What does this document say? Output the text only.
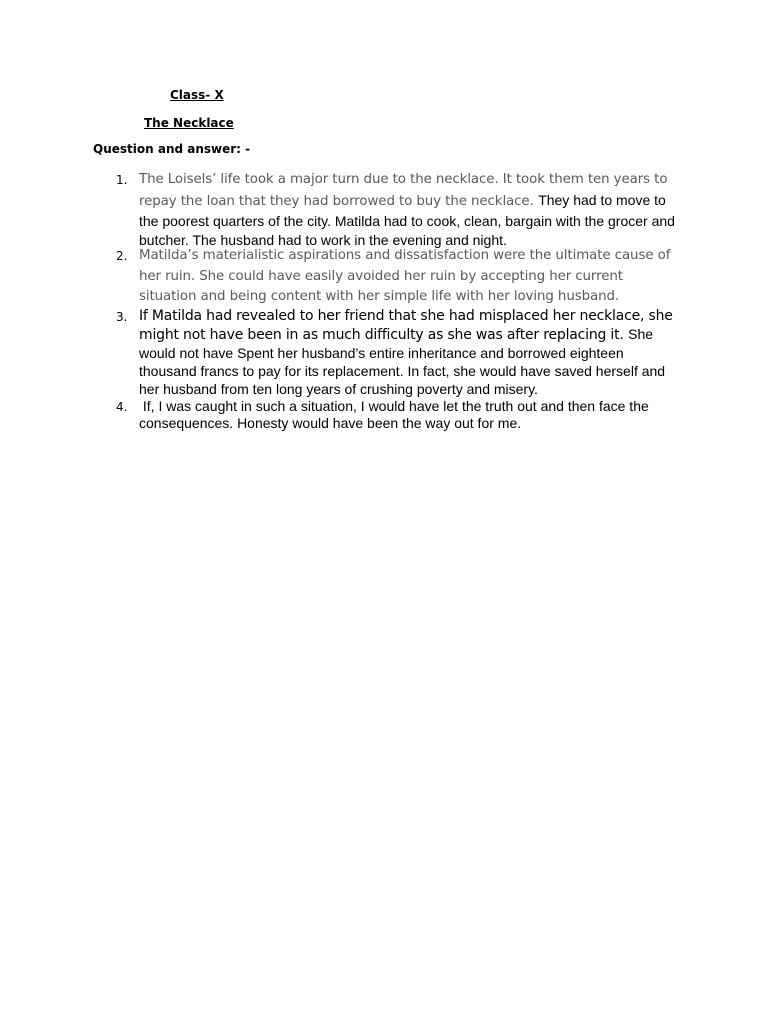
Class- X
The Necklace
Question and answer: -
1. The Loisels’ life took a major turn due to the necklace. It took them ten years to repay the loan that they had borrowed to buy the necklace. They had to move to the poorest quarters of the city. Matilda had to cook, clean, bargain with the grocer and butcher. The husband had to work in the evening and night.
2. Matilda’s materialistic aspirations and dissatisfaction were the ultimate cause of her ruin. She could have easily avoided her ruin by accepting her current situation and being content with her simple life with her loving husband.
3. If Matilda had revealed to her friend that she had misplaced her necklace, she might not have been in as much difficulty as she was after replacing it. She would not have Spent her husband’s entire inheritance and borrowed eighteen thousand francs to pay for its replacement. In fact, she would have saved herself and her husband from ten long years of crushing poverty and misery.
4. If, I was caught in such a situation, I would have let the truth out and then face the consequences. Honesty would have been the way out for me.
